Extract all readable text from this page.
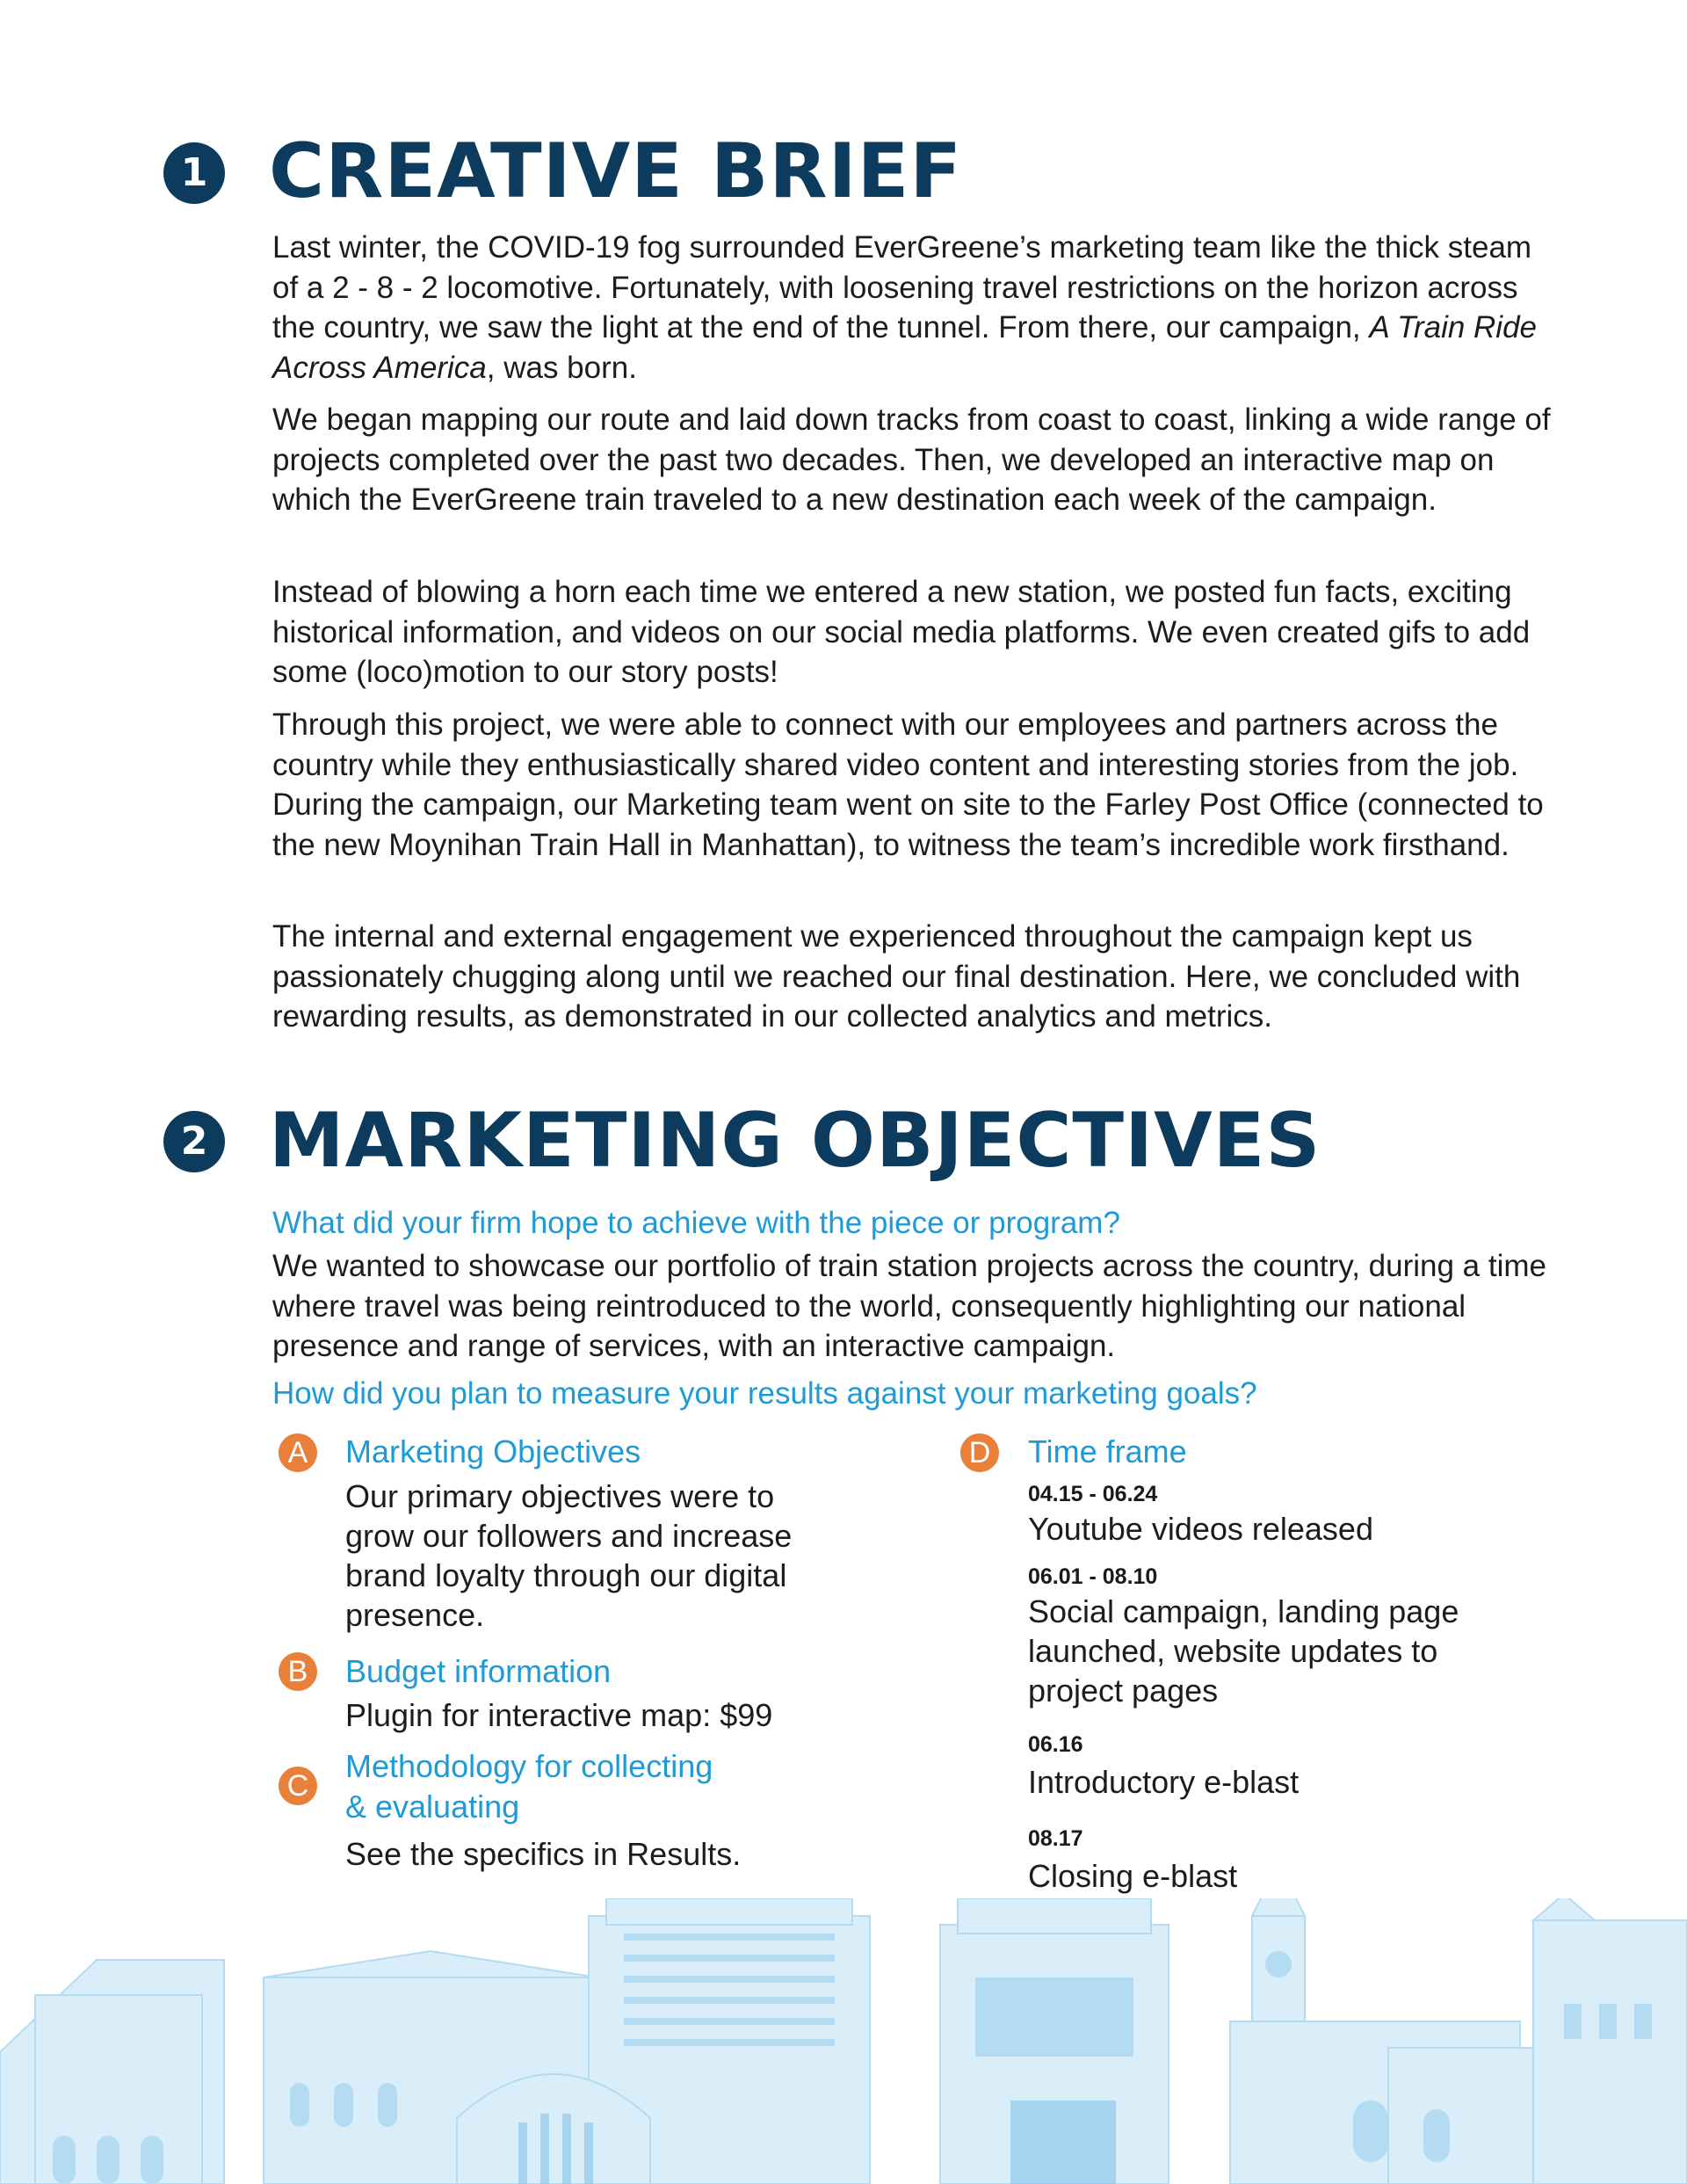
1 CREATIVE BRIEF
Last winter, the COVID-19 fog surrounded EverGreene’s marketing team like the thick steam of a 2 - 8 - 2 locomotive. Fortunately, with loosening travel restrictions on the horizon across the country, we saw the light at the end of the tunnel. From there, our campaign, A Train Ride Across America, was born.
We began mapping our route and laid down tracks from coast to coast, linking a wide range of projects completed over the past two decades. Then, we developed an interactive map on which the EverGreene train traveled to a new destination each week of the campaign.
Instead of blowing a horn each time we entered a new station, we posted fun facts, exciting historical information, and videos on our social media platforms. We even created gifs to add some (loco)motion to our story posts!
Through this project, we were able to connect with our employees and partners across the country while they enthusiastically shared video content and interesting stories from the job. During the campaign, our Marketing team went on site to the Farley Post Office (connected to the new Moynihan Train Hall in Manhattan), to witness the team’s incredible work firsthand.
The internal and external engagement we experienced throughout the campaign kept us passionately chugging along until we reached our final destination. Here, we concluded with rewarding results, as demonstrated in our collected analytics and metrics.
2 MARKETING OBJECTIVES
What did your firm hope to achieve with the piece or program?
We wanted to showcase our portfolio of train station projects across the country, during a time where travel was being reintroduced to the world, consequently highlighting our national presence and range of services, with an interactive campaign.
How did you plan to measure your results against your marketing goals?
A Marketing Objectives
Our primary objectives were to grow our followers and increase brand loyalty through our digital presence.
B Budget information
Plugin for interactive map: $99
C
Methodology for collecting
& evaluating
See the specifics in Results.
D Time frame
04.15 - 06.24
Youtube videos released
06.01 - 08.10
Social campaign, landing page launched, website updates to project pages
06.16
Introductory e-blast
08.17
Closing e-blast
